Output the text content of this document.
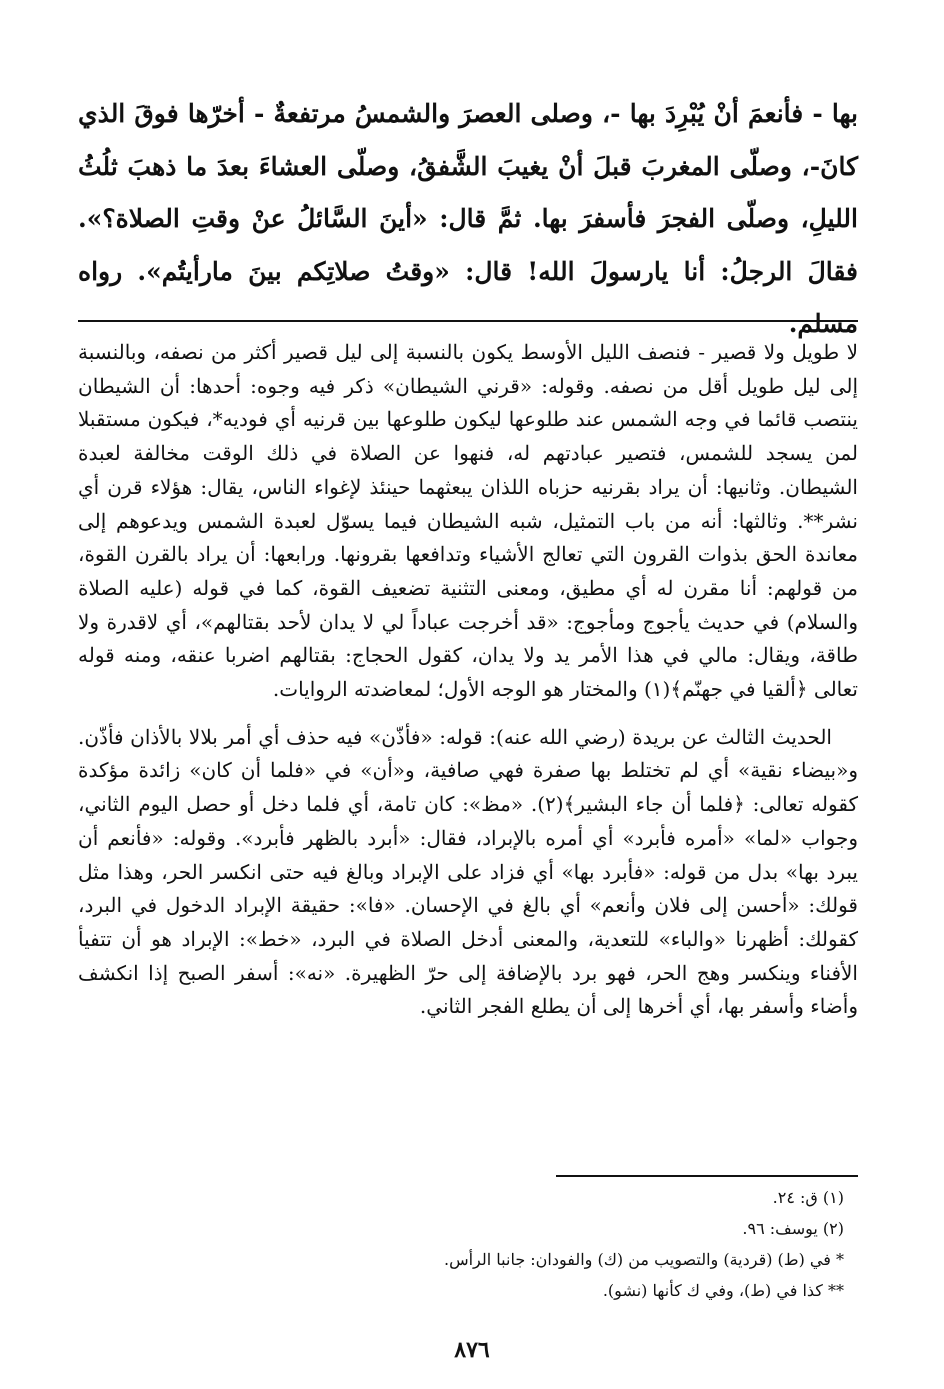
بها - فأنعمَ أنْ يُبْرِدَ بها -، وصلى العصرَ والشمسُ مرتفعةٌ - أخرّها فوقَ الذي كانَ-، وصلّى المغربَ قبلَ أنْ يغيبَ الشَّفقُ، وصلّى العشاءَ بعدَ ما ذهبَ ثلُثُ الليلِ، وصلّى الفجرَ فأسفرَ بها. ثمَّ قال: «أينَ السَّائلُ عنْ وقتِ الصلاة؟». فقالَ الرجلُ: أنا يارسولَ الله! قال: «وقتُ صلاتِكم بينَ مارأيتُم». رواه مسلم.

لا طويل ولا قصير - فنصف الليل الأوسط يكون بالنسبة إلى ليل قصير أكثر من نصفه، وبالنسبة إلى ليل طويل أقل من نصفه. وقوله: «قرني الشيطان» ذكر فيه وجوه: أحدها: أن الشيطان ينتصب قائما في وجه الشمس عند طلوعها ليكون طلوعها بين قرنيه أي فوديه*، فيكون مستقبلا لمن يسجد للشمس، فتصير عبادتهم له، فنهوا عن الصلاة في ذلك الوقت مخالفة لعبدة الشيطان. وثانيها: أن يراد بقرنيه حزباه اللذان يبعثهما حينئذ لإغواء الناس، يقال: هؤلاء قرن أي نشر**. وثالثها: أنه من باب التمثيل، شبه الشيطان فيما يسوّل لعبدة الشمس ويدعوهم إلى معاندة الحق بذوات القرون التي تعالج الأشياء وتدافعها بقرونها. ورابعها: أن يراد بالقرن القوة، من قولهم: أنا مقرن له أي مطيق، ومعنى التثنية تضعيف القوة، كما في قوله (عليه الصلاة والسلام) في حديث يأجوج ومأجوج: «قد أخرجت عباداً لي لا يدان لأحد بقتالهم»، أي لاقدرة ولا طاقة، ويقال: مالي في هذا الأمر يد ولا يدان، كقول الحجاج: بقتالهم اضربا عنقه، ومنه قوله تعالى ﴿ألقيا في جهنّم﴾(١) والمختار هو الوجه الأول؛ لمعاضدته الروايات.

الحديث الثالث عن بريدة (رضي الله عنه): قوله: «فأذّن» فيه حذف أي أمر بلالا بالأذان فأذّن. و«بيضاء نقية» أي لم تختلط بها صفرة فهي صافية، و«أن» في «فلما أن كان» زائدة مؤكدة كقوله تعالى: ﴿فلما أن جاء البشير﴾(٢). «مظ»: كان تامة، أي فلما دخل أو حصل اليوم الثاني، وجواب «لما» «أمره فأبرد» أي أمره بالإبراد، فقال: «أبرد بالظهر فأبرد». وقوله: «فأنعم أن يبرد بها» بدل من قوله: «فأبرد بها» أي فزاد على الإبراد وبالغ فيه حتى انكسر الحر، وهذا مثل قولك: «أحسن إلى فلان وأنعم» أي بالغ في الإحسان. «فا»: حقيقة الإبراد الدخول في البرد، كقولك: أظهرنا «والباء» للتعدية، والمعنى أدخل الصلاة في البرد، «خط»: الإبراد هو أن تتفيأ الأفناء وينكسر وهج الحر، فهو برد بالإضافة إلى حرّ الظهيرة. «نه»: أسفر الصبح إذا انكشف وأضاء وأسفر بها، أي أخرها إلى أن يطلع الفجر الثاني.

(١) ق: ٢٤.

(٢) يوسف: ٩٦.

* في (ط) (قردية) والتصويب من (ك) والفودان: جانبا الرأس.

** كذا في (ط)، وفي ك كأنها (نشو).

٨٧٦
